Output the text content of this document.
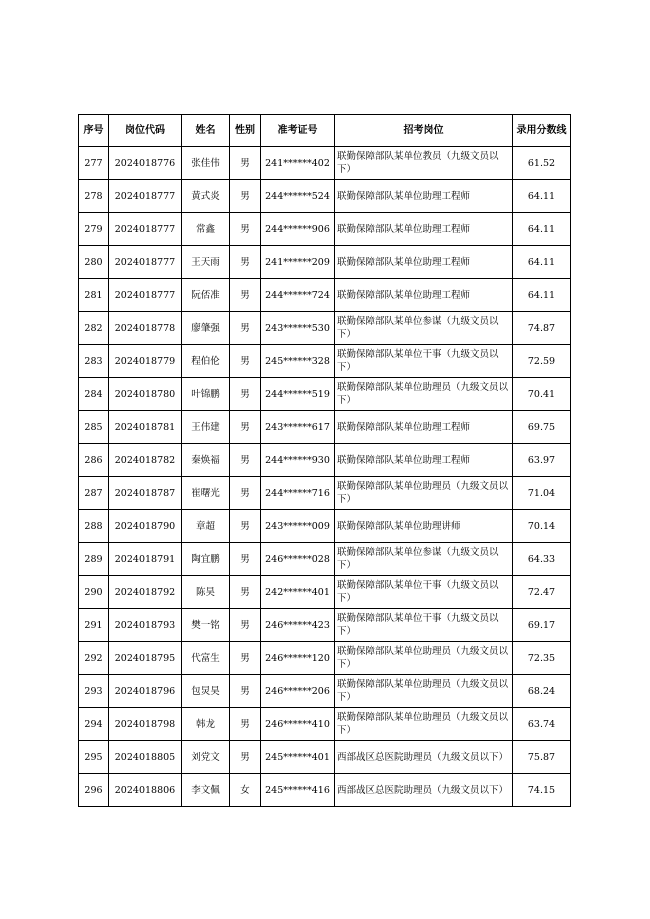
序号	岗位代码	姓名	性别	准考证号	招考岗位	录用分数线
277	2024018776	张佳伟	男	241******402	联勤保障部队某单位教员（九级文员以下）	61.52
278	2024018777	黄式炎	男	244******524	联勤保障部队某单位助理工程师	64.11
279	2024018777	常鑫	男	244******906	联勤保障部队某单位助理工程师	64.11
280	2024018777	王天雨	男	241******209	联勤保障部队某单位助理工程师	64.11
281	2024018777	阮俖准	男	244******724	联勤保障部队某单位助理工程师	64.11
282	2024018778	廖肇强	男	243******530	联勤保障部队某单位参谋（九级文员以下）	74.87
283	2024018779	程伯伦	男	245******328	联勤保障部队某单位干事（九级文员以下）	72.59
284	2024018780	叶锦鹏	男	244******519	联勤保障部队某单位助理员（九级文员以下）	70.41
285	2024018781	王伟建	男	243******617	联勤保障部队某单位助理工程师	69.75
286	2024018782	秦焕福	男	244******930	联勤保障部队某单位助理工程师	63.97
287	2024018787	崔曙光	男	244******716	联勤保障部队某单位助理员（九级文员以下）	71.04
288	2024018790	章超	男	243******009	联勤保障部队某单位助理讲师	70.14
289	2024018791	陶宜鹏	男	246******028	联勤保障部队某单位参谋（九级文员以下）	64.33
290	2024018792	陈昊	男	242******401	联勤保障部队某单位干事（九级文员以下）	72.47
291	2024018793	樊一铭	男	246******423	联勤保障部队某单位干事（九级文员以下）	69.17
292	2024018795	代富生	男	246******120	联勤保障部队某单位助理员（九级文员以下）	72.35
293	2024018796	包炅昊	男	246******206	联勤保障部队某单位助理员（九级文员以下）	68.24
294	2024018798	韩龙	男	246******410	联勤保障部队某单位助理员（九级文员以下）	63.74
295	2024018805	刘党文	男	245******401	西部战区总医院助理员（九级文员以下）	75.87
296	2024018806	李文佩	女	245******416	西部战区总医院助理员（九级文员以下）	74.15
